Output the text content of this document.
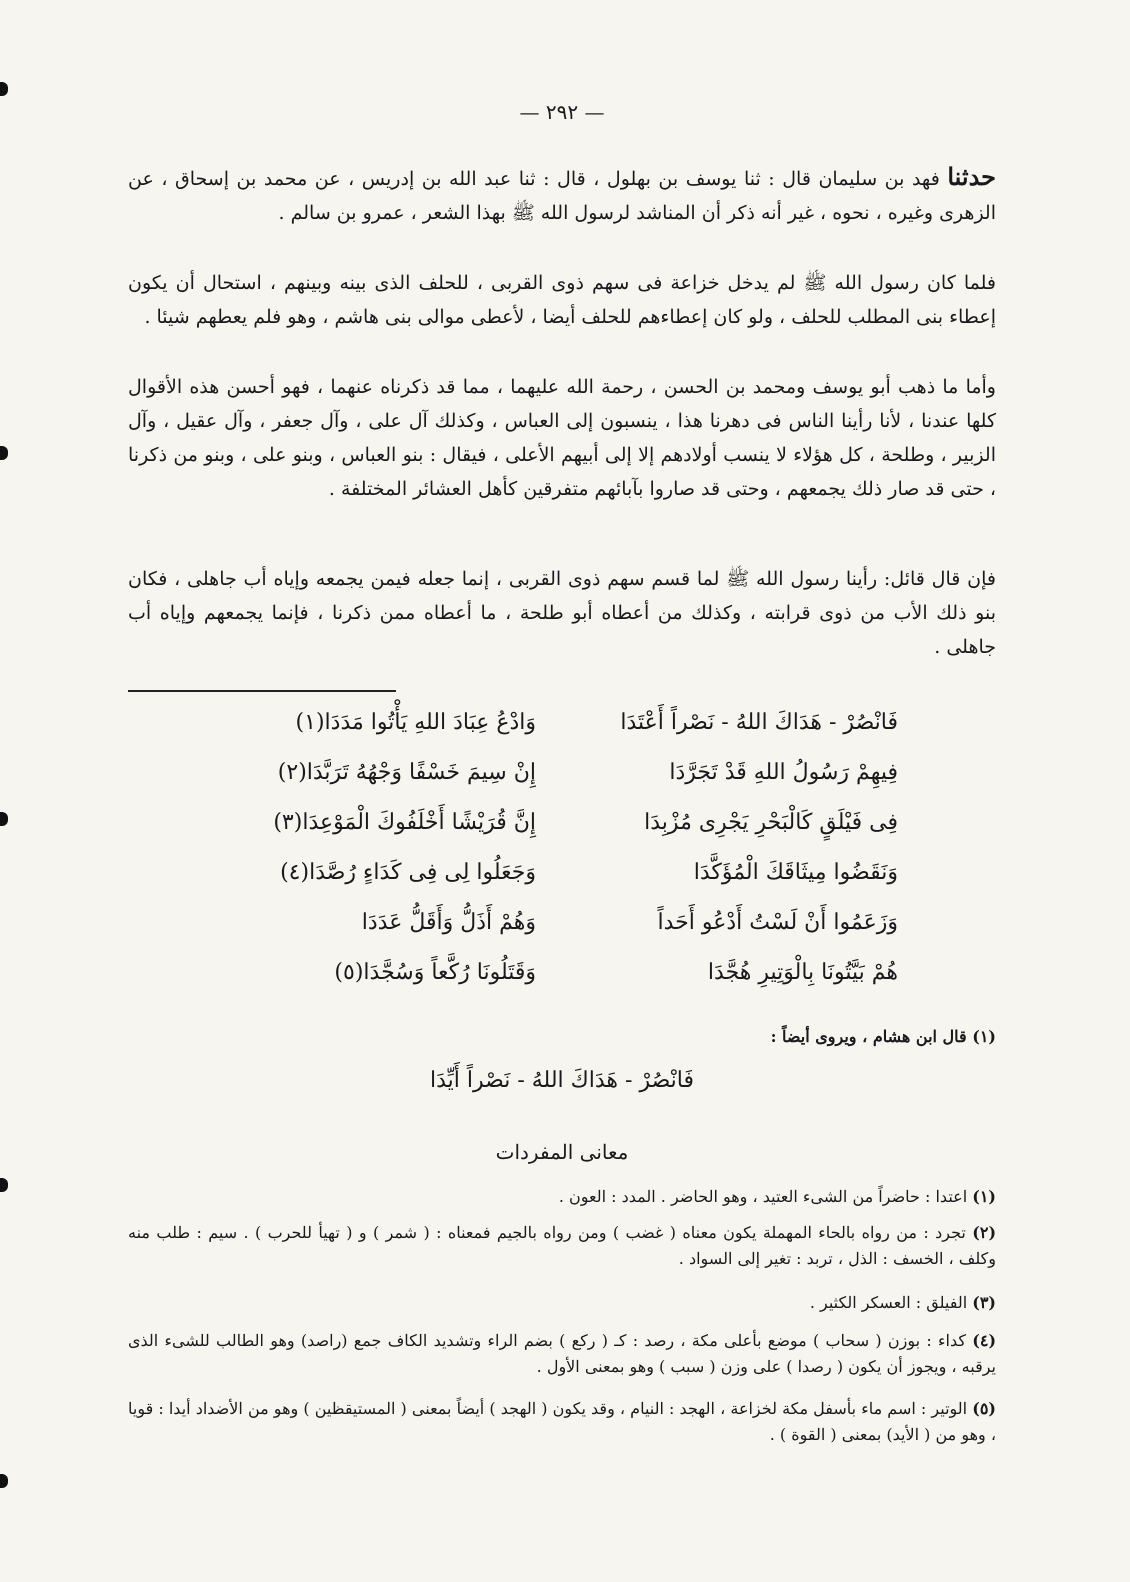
— ٢٩٢ —

حدثنا فهد بن سليمان قال : ثنا يوسف بن بهلول ، قال : ثنا عبد الله بن إدريس ، عن محمد بن إسحاق ، عن الزهرى وغيره ، نحوه ، غير أنه ذكر أن المناشد لرسول الله ﷺ بهذا الشعر ، عمرو بن سالم .

فلما كان رسول الله ﷺ لم يدخل خزاعة فى سهم ذوى القربى ، للحلف الذى بينه وبينهم ، استحال أن يكون إعطاء بنى المطلب للحلف ، ولو كان إعطاءهم للحلف أيضا ، لأعطى موالى بنى هاشم ، وهو فلم يعطهم شيئا .

وأما ما ذهب أبو يوسف ومحمد بن الحسن ، رحمة الله عليهما ، مما قد ذكرناه عنهما ، فهو أحسن هذه الأقوال كلها عندنا ، لأنا رأينا الناس فى دهرنا هذا ، ينسبون إلى العباس ، وكذلك آل على ، وآل جعفر ، وآل عقيل ، وآل الزبير ، وطلحة ، كل هؤلاء لا ينسب أولادهم إلا إلى أبيهم الأعلى ، فيقال : بنو العباس ، وبنو على ، وبنو من ذكرنا ، حتى قد صار ذلك يجمعهم ، وحتى قد صاروا بآبائهم متفرقين كأهل العشائر المختلفة .

فإن قال قائل: رأينا رسول الله ﷺ لما قسم سهم ذوى القربى ، إنما جعله فيمن يجمعه وإياه أب جاهلى ، فكان بنو ذلك الأب من ذوى قرابته ، وكذلك من أعطاه أبو طلحة ، ما أعطاه ممن ذكرنا ، فإنما يجمعهم وإياه أب جاهلى .

فَانْصُرْ - هَدَاكَ اللهُ - نَصْراً أَعْتَدَا
وَادْعُ عِبَادَ اللهِ يَأْتُوا مَدَدَا(١)
فِيهِمْ رَسُولُ اللهِ قَدْ تَجَرَّدَا
إِنْ سِيمَ خَسْفًا وَجْهُهُ تَرَبَّدَا(٢)
فِى فَيْلَقٍ كَالْبَحْرِ يَجْرِى مُزْبِدَا
إِنَّ قُرَيْشًا أَخْلَفُوكَ الْمَوْعِدَا(٣)
وَنَقَضُوا مِيثَاقَكَ الْمُؤَكَّدَا
وَجَعَلُوا لِى فِى كَدَاءٍ رُصَّدَا(٤)
وَزَعَمُوا أَنْ لَسْتُ أَدْعُو أَحَداً
وَهُمْ أَذَلُّ وَأَقَلُّ عَدَدَا
هُمْ بَيَّتُونَا بِالْوَتِيرِ هُجَّدَا
وَقَتَلُونَا رُكَّعاً وَسُجَّدَا(٥)

(١) قال ابن هشام ، ويروى أيضاً :

فَانْصُرْ - هَدَاكَ اللهُ - نَصْراً أَيِّدَا
معانى المفردات

(١) اعتدا : حاضراً من الشىء العتيد ، وهو الحاضر . المدد : العون .

(٢) تجرد : من رواه بالحاء المهملة يكون معناه ( غضب ) ومن رواه بالجيم فمعناه : ( شمر ) و ( تهيأ للحرب ) . سيم : طلب منه وكلف ، الخسف : الذل ، تربد : تغير إلى السواد .

(٣) الفيلق : العسكر الكثير .

(٤) كداء : بوزن ( سحاب ) موضع بأعلى مكة ، رصد : كـ ( ركع ) بضم الراء وتشديد الكاف جمع (راصد) وهو الطالب للشىء الذى يرقبه ، ويجوز أن يكون ( رصدا ) على وزن ( سبب ) وهو بمعنى الأول .

(٥) الوتير : اسم ماء بأسفل مكة لخزاعة ، الهجد : النيام ، وقد يكون ( الهجد ) أيضاً بمعنى ( المستيقظين ) وهو من الأضداد أيدا : قويا ، وهو من ( الأيد) بمعنى ( القوة ) .
